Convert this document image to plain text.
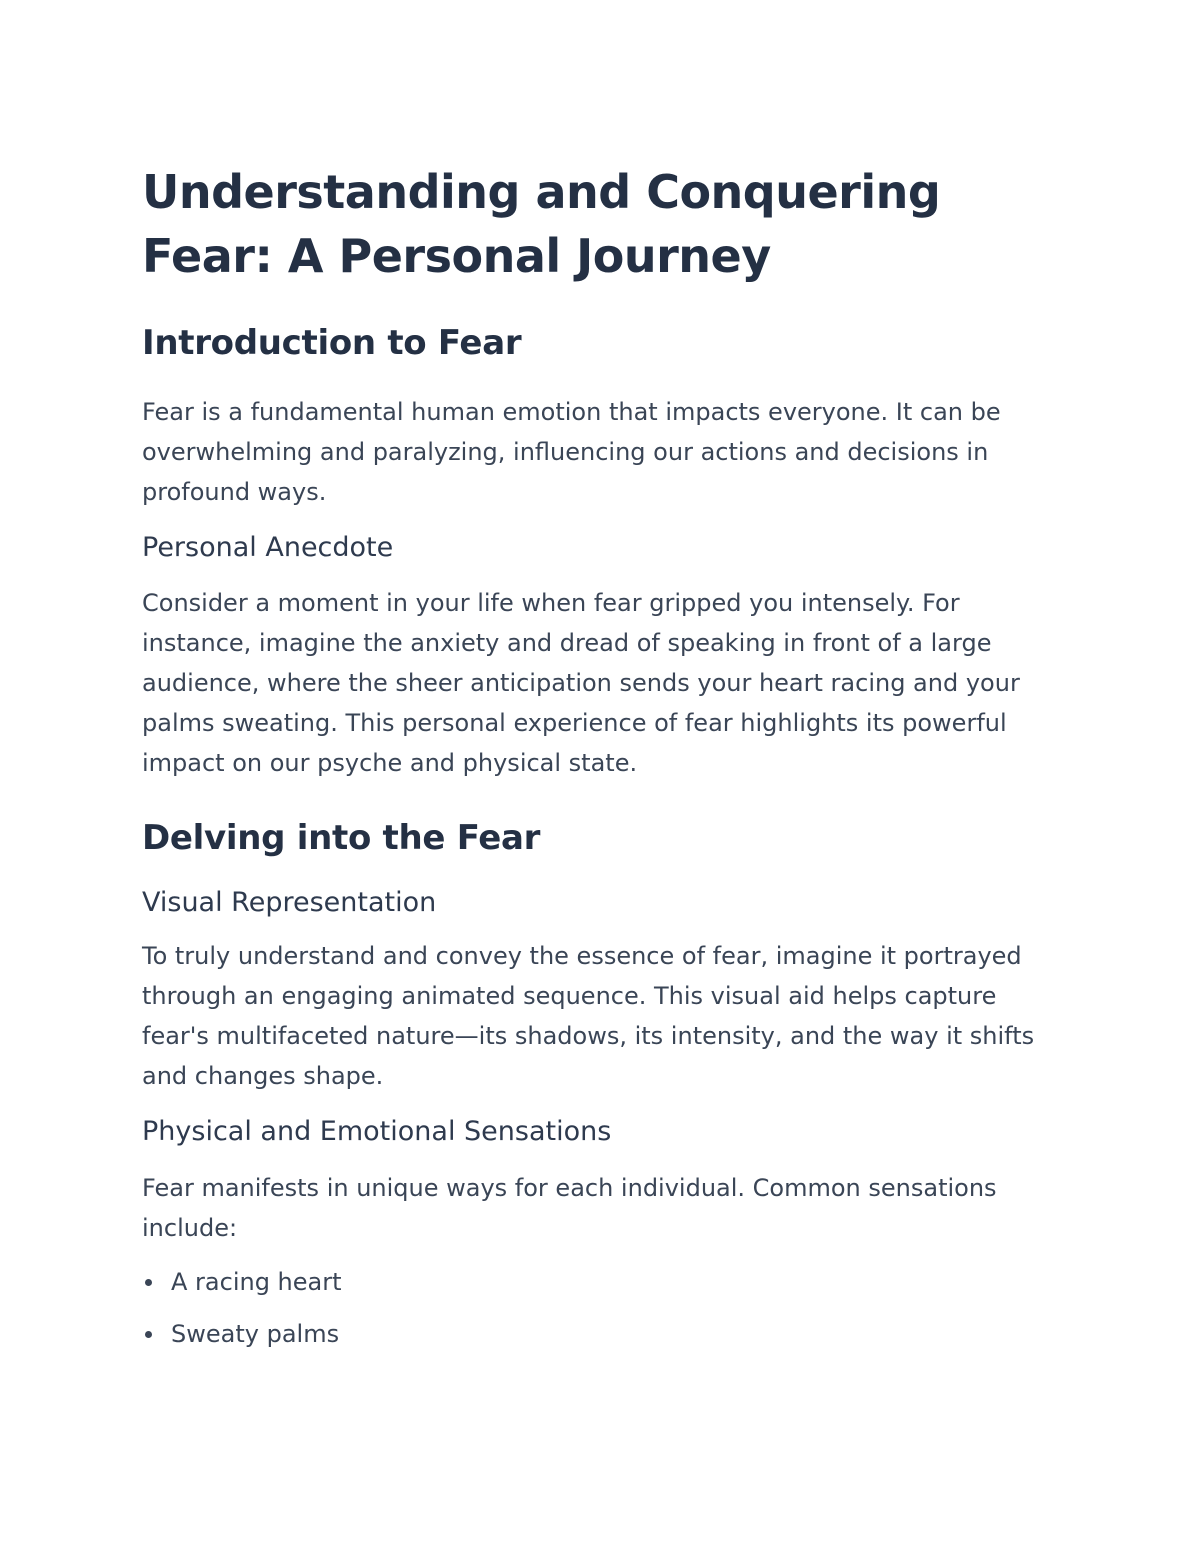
Understanding and Conquering Fear: A Personal Journey
Introduction to Fear

Fear is a fundamental human emotion that impacts everyone. It can be overwhelming and paralyzing, influencing our actions and decisions in profound ways.

Personal Anecdote

Consider a moment in your life when fear gripped you intensely. For instance, imagine the anxiety and dread of speaking in front of a large audience, where the sheer anticipation sends your heart racing and your palms sweating. This personal experience of fear highlights its powerful impact on our psyche and physical state.

Delving into the Fear
Visual Representation

To truly understand and convey the essence of fear, imagine it portrayed through an engaging animated sequence. This visual aid helps capture fear's multifaceted nature—its shadows, its intensity, and the way it shifts and changes shape.

Physical and Emotional Sensations

Fear manifests in unique ways for each individual. Common sensations include:

A racing heart
Sweaty palms
